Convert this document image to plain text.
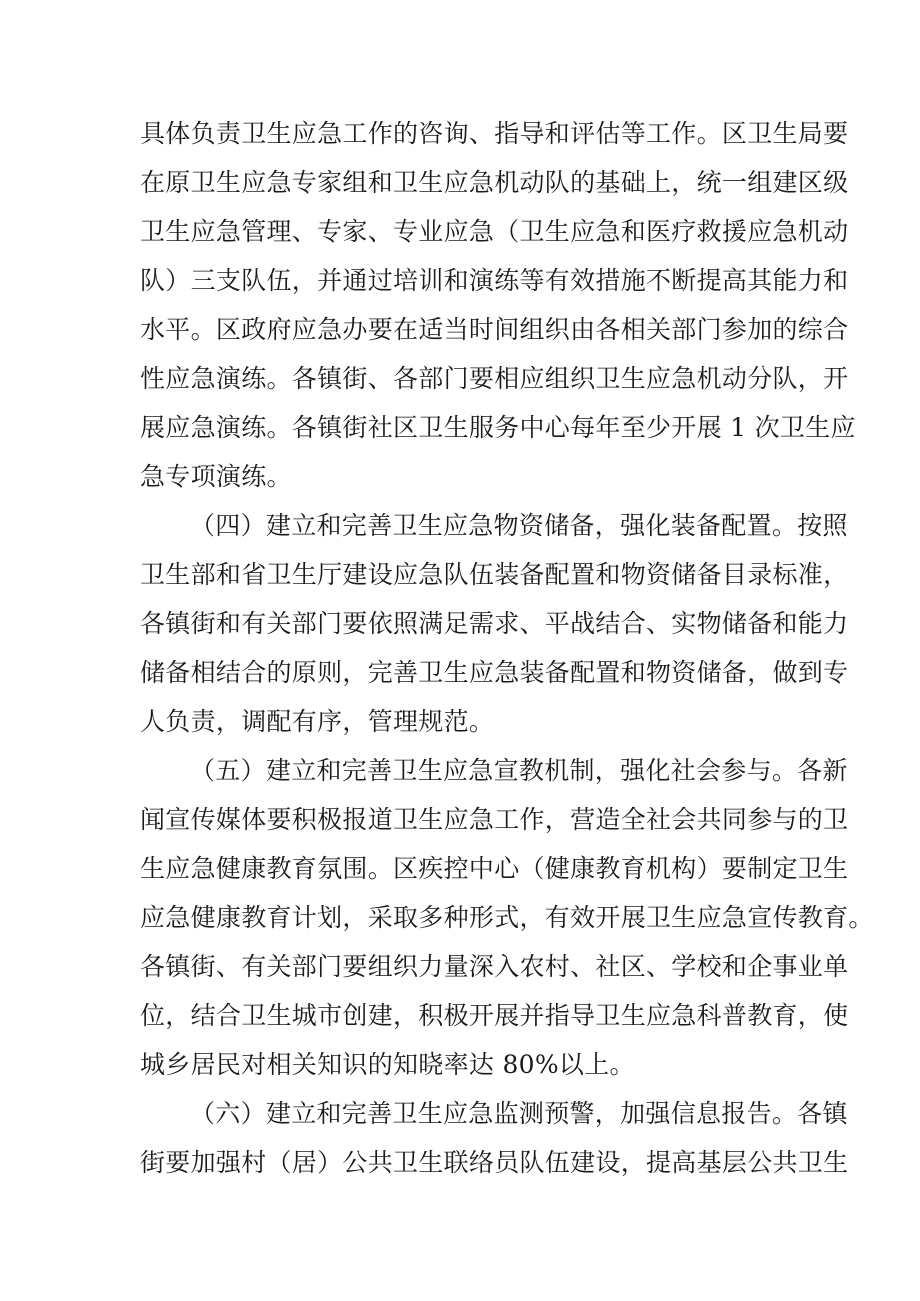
具体负责卫生应急工作的咨询、指导和评估等工作。区卫生局要
在原卫生应急专家组和卫生应急机动队的基础上，统一组建区级
卫生应急管理、专家、专业应急（卫生应急和医疗救援应急机动
队）三支队伍，并通过培训和演练等有效措施不断提高其能力和
水平。区政府应急办要在适当时间组织由各相关部门参加的综合
性应急演练。各镇街、各部门要相应组织卫生应急机动分队，开
展应急演练。各镇街社区卫生服务中心每年至少开展 1 次卫生应
急专项演练。
（四）建立和完善卫生应急物资储备，强化装备配置。按照
卫生部和省卫生厅建设应急队伍装备配置和物资储备目录标准，
各镇街和有关部门要依照满足需求、平战结合、实物储备和能力
储备相结合的原则，完善卫生应急装备配置和物资储备，做到专
人负责，调配有序，管理规范。
（五）建立和完善卫生应急宣教机制，强化社会参与。各新
闻宣传媒体要积极报道卫生应急工作，营造全社会共同参与的卫
生应急健康教育氛围。区疾控中心（健康教育机构）要制定卫生
应急健康教育计划，采取多种形式，有效开展卫生应急宣传教育。
各镇街、有关部门要组织力量深入农村、社区、学校和企事业单
位，结合卫生城市创建，积极开展并指导卫生应急科普教育，使
城乡居民对相关知识的知晓率达 80%以上。
（六）建立和完善卫生应急监测预警，加强信息报告。各镇
街要加强村（居）公共卫生联络员队伍建设，提高基层公共卫生
